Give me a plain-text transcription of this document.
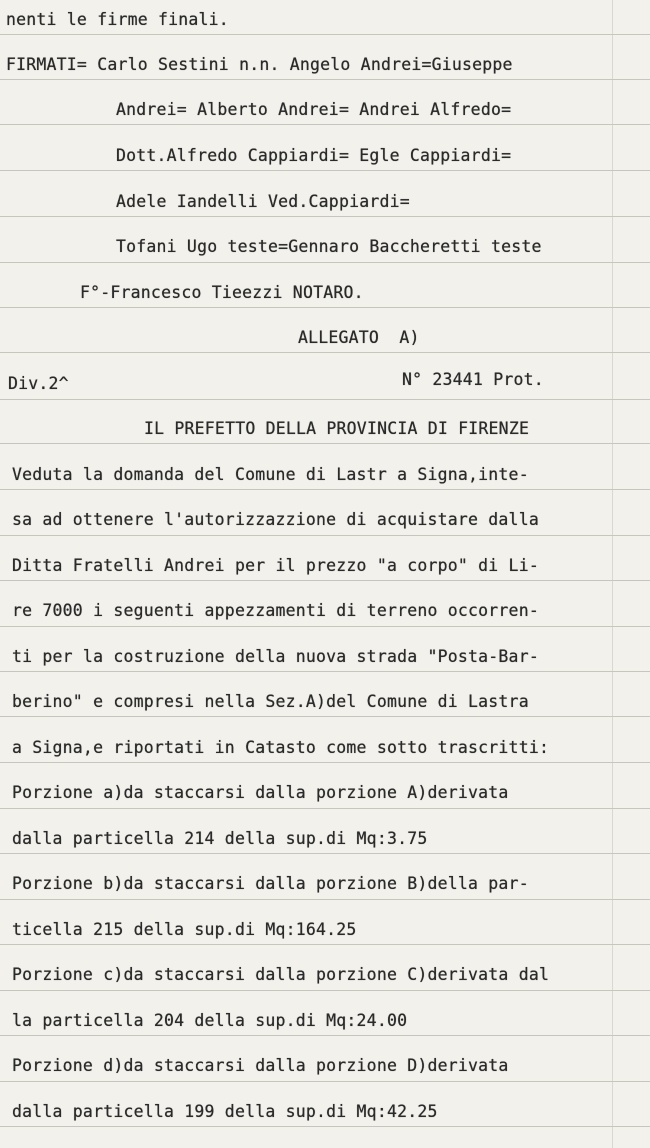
nenti le firme finali.
FIRMATI= Carlo Sestini n.n. Angelo Andrei=Giuseppe
Andrei= Alberto Andrei= Andrei Alfredo=
Dott.Alfredo Cappiardi= Egle Cappiardi=
Adele Iandelli Ved.Cappiardi=
Tofani Ugo teste=Gennaro Baccheretti teste
F°-Francesco Tieezzi NOTARO.
ALLEGATO  A)
Div.2^	N° 23441 Prot.
IL PREFETTO DELLA PROVINCIA DI FIRENZE
Veduta la domanda del Comune di Lastr a Signa,inte-
sa ad ottenere l'autorizzazzione di acquistare dalla
Ditta Fratelli Andrei per il prezzo "a corpo" di Li-
re 7000 i seguenti appezzamenti di terreno occorren-
ti per la costruzione della nuova strada "Posta-Bar-
berino" e compresi nella Sez.A)del Comune di Lastra
a Signa,e riportati in Catasto come sotto trascritti:
Porzione a)da staccarsi dalla porzione A)derivata
dalla particella 214 della sup.di Mq:3.75
Porzione b)da staccarsi dalla porzione B)della par-
ticella 215 della sup.di Mq:164.25
Porzione c)da staccarsi dalla porzione C)derivata dal
la particella 204 della sup.di Mq:24.00
Porzione d)da staccarsi dalla porzione D)derivata
dalla particella 199 della sup.di Mq:42.25
